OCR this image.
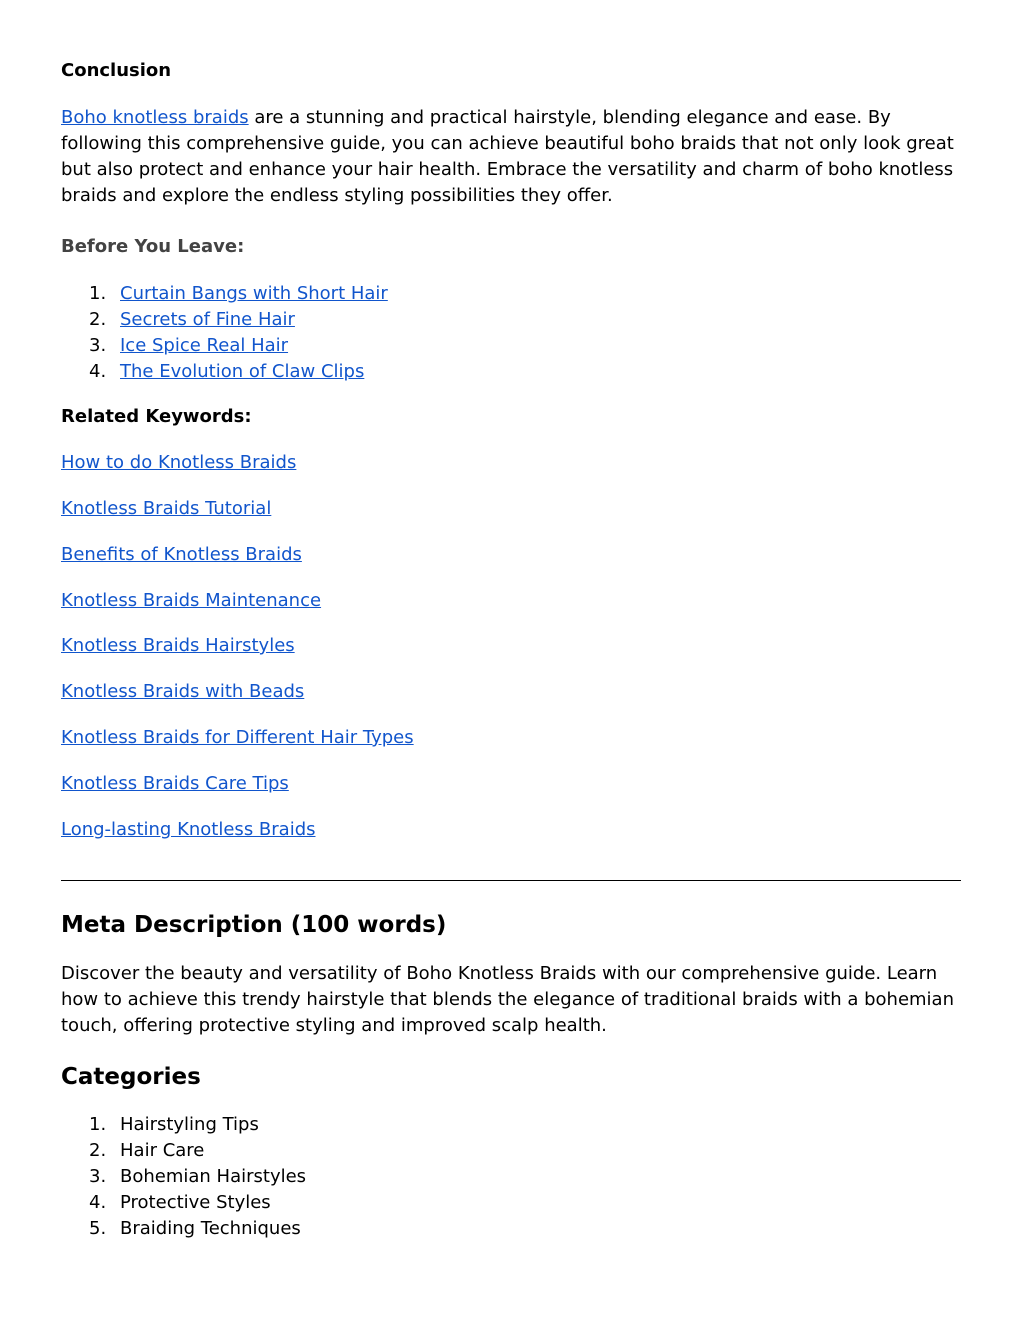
Conclusion

Boho knotless braids are a stunning and practical hairstyle, blending elegance and ease. By following this comprehensive guide, you can achieve beautiful boho braids that not only look great but also protect and enhance your hair health. Embrace the versatility and charm of boho knotless braids and explore the endless styling possibilities they offer.

Before You Leave:
1. Curtain Bangs with Short Hair
2. Secrets of Fine Hair
3. Ice Spice Real Hair
4. The Evolution of Claw Clips
Related Keywords:
How to do Knotless Braids
Knotless Braids Tutorial
Benefits of Knotless Braids
Knotless Braids Maintenance
Knotless Braids Hairstyles
Knotless Braids with Beads
Knotless Braids for Different Hair Types
Knotless Braids Care Tips
Long-lasting Knotless Braids
Meta Description (100 words)

Discover the beauty and versatility of Boho Knotless Braids with our comprehensive guide. Learn how to achieve this trendy hairstyle that blends the elegance of traditional braids with a bohemian touch, offering protective styling and improved scalp health.

Categories
1. Hairstyling Tips
2. Hair Care
3. Bohemian Hairstyles
4. Protective Styles
5. Braiding Techniques
